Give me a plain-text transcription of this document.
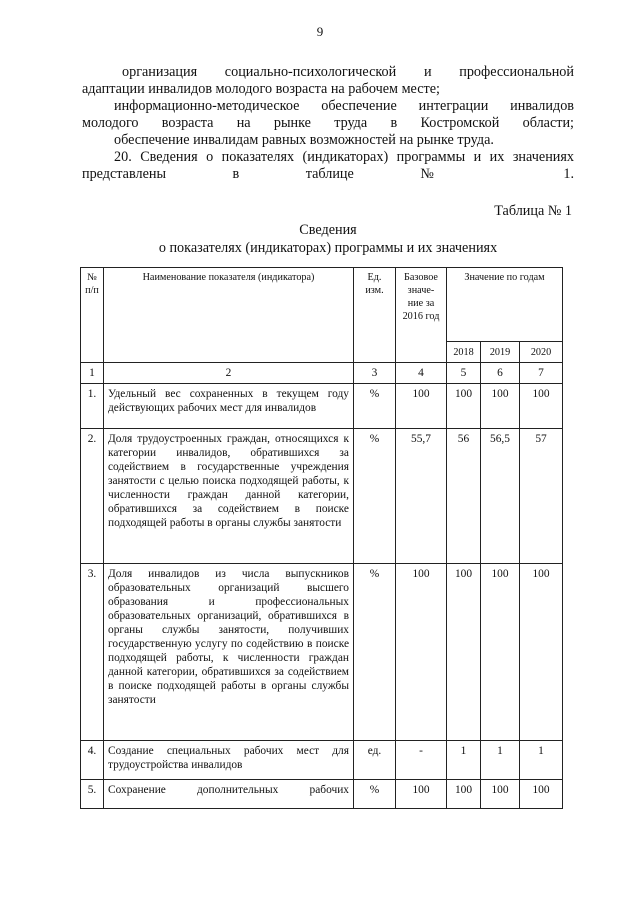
9
организация социально-психологической и профессиональной
адаптации инвалидов молодого возраста на рабочем месте;
информационно-методическое обеспечение интеграции инвалидов молодого возраста на рынке труда в Костромской области;
обеспечение инвалидам равных возможностей на рынке труда.
20. Сведения о показателях (индикаторах) программы и их значениях представлены в таблице № 1.
Таблица № 1
Сведения
о показателях (индикаторах) программы и их значениях
№ п/п	Наименование показателя (индикатора)	Ед. изм.	Базовое значе-ние за 2016 год	Значение по годам		
				2018	2019	2020
1	2	3	4	5	6	7
1.	Удельный вес сохраненных в текущем году действующих рабочих мест для инвалидов	%	100	100	100	100
2.	Доля трудоустроенных граждан, относящихся к категории инвалидов, обратившихся за содействием в государственные учреждения занятости с целью поиска подходящей работы, к численности граждан данной категории, обратившихся за содействием в поиске подходящей работы в органы службы занятости	%	55,7	56	56,5	57
3.	Доля инвалидов из числа выпускников образовательных организаций высшего образования и профессиональных образовательных организаций, обратившихся в органы службы занятости, получивших государственную услугу по содействию в поиске подходящей работы, к численности граждан данной категории, обратившихся за содействием в поиске подходящей работы в органы службы занятости	%	100	100	100	100
4.	Создание специальных рабочих мест для трудоустройства инвалидов	ед.	-	1	1	1
5.	Сохранение дополнительных рабочих	%	100	100	100	100
